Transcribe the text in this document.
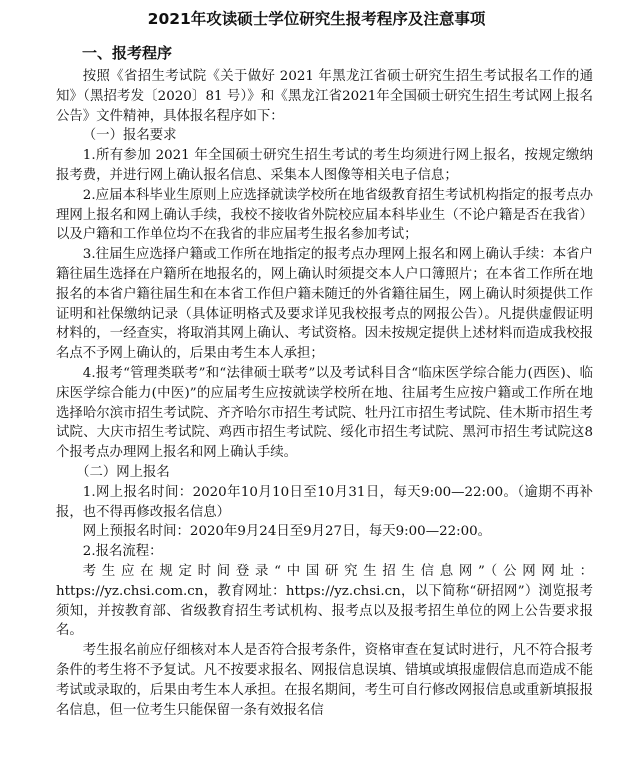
2021年攻读硕士学位研究生报考程序及注意事项
一、报考程序

按照《省招生考试院《关于做好 2021 年黑龙江省硕士研究生招生考试报名工作的通知》（黑招考发〔2020〕81 号）》和《黑龙江省2021年全国硕士研究生招生考试网上报名公告》文件精神，具体报名程序如下：

（一）报名要求

1.所有参加 2021 年全国硕士研究生招生考试的考生均须进行网上报名，按规定缴纳报考费，并进行网上确认报名信息、采集本人图像等相关电子信息；

2.应届本科毕业生原则上应选择就读学校所在地省级教育招生考试机构指定的报考点办理网上报名和网上确认手续，我校不接收省外院校应届本科毕业生（不论户籍是否在我省）以及户籍和工作单位均不在我省的非应届考生报名参加考试；

3.往届生应选择户籍或工作所在地指定的报考点办理网上报名和网上确认手续：本省户籍往届生选择在户籍所在地报名的，网上确认时须提交本人户口簿照片；在本省工作所在地报名的本省户籍往届生和在本省工作但户籍未随迁的外省籍往届生，网上确认时须提供工作证明和社保缴纳记录（具体证明格式及要求详见我校报考点的网报公告）。凡提供虚假证明材料的，一经查实，将取消其网上确认、考试资格。因未按规定提供上述材料而造成我校报名点不予网上确认的，后果由考生本人承担；

4.报考“管理类联考”和“法律硕士联考”以及考试科目含“临床医学综合能力(西医)、临床医学综合能力(中医)”的应届考生应按就读学校所在地、往届考生应按户籍或工作所在地选择哈尔滨市招生考试院、齐齐哈尔市招生考试院、牡丹江市招生考试院、佳木斯市招生考试院、大庆市招生考试院、鸡西市招生考试院、绥化市招生考试院、黑河市招生考试院这8个报考点办理网上报名和网上确认手续。

（二）网上报名

1.网上报名时间：2020年10月10日至10月31日，每天9:00—22:00。（逾期不再补报，也不得再修改报名信息）

网上预报名时间：2020年9月24日至9月27日，每天9:00—22:00。

2.报名流程：

考生应在规定时间登录“中国研究生招生信息网”（公网网址：https://yz.chsi.com.cn，教育网址：https://yz.chsi.cn，以下简称“研招网”）浏览报考须知，并按教育部、省级教育招生考试机构、报考点以及报考招生单位的网上公告要求报名。

考生报名前应仔细核对本人是否符合报考条件，资格审查在复试时进行，凡不符合报考条件的考生将不予复试。凡不按要求报名、网报信息误填、错填或填报虚假信息而造成不能考试或录取的，后果由考生本人承担。在报名期间，考生可自行修改网报信息或重新填报报名信息，但一位考生只能保留一条有效报名信
